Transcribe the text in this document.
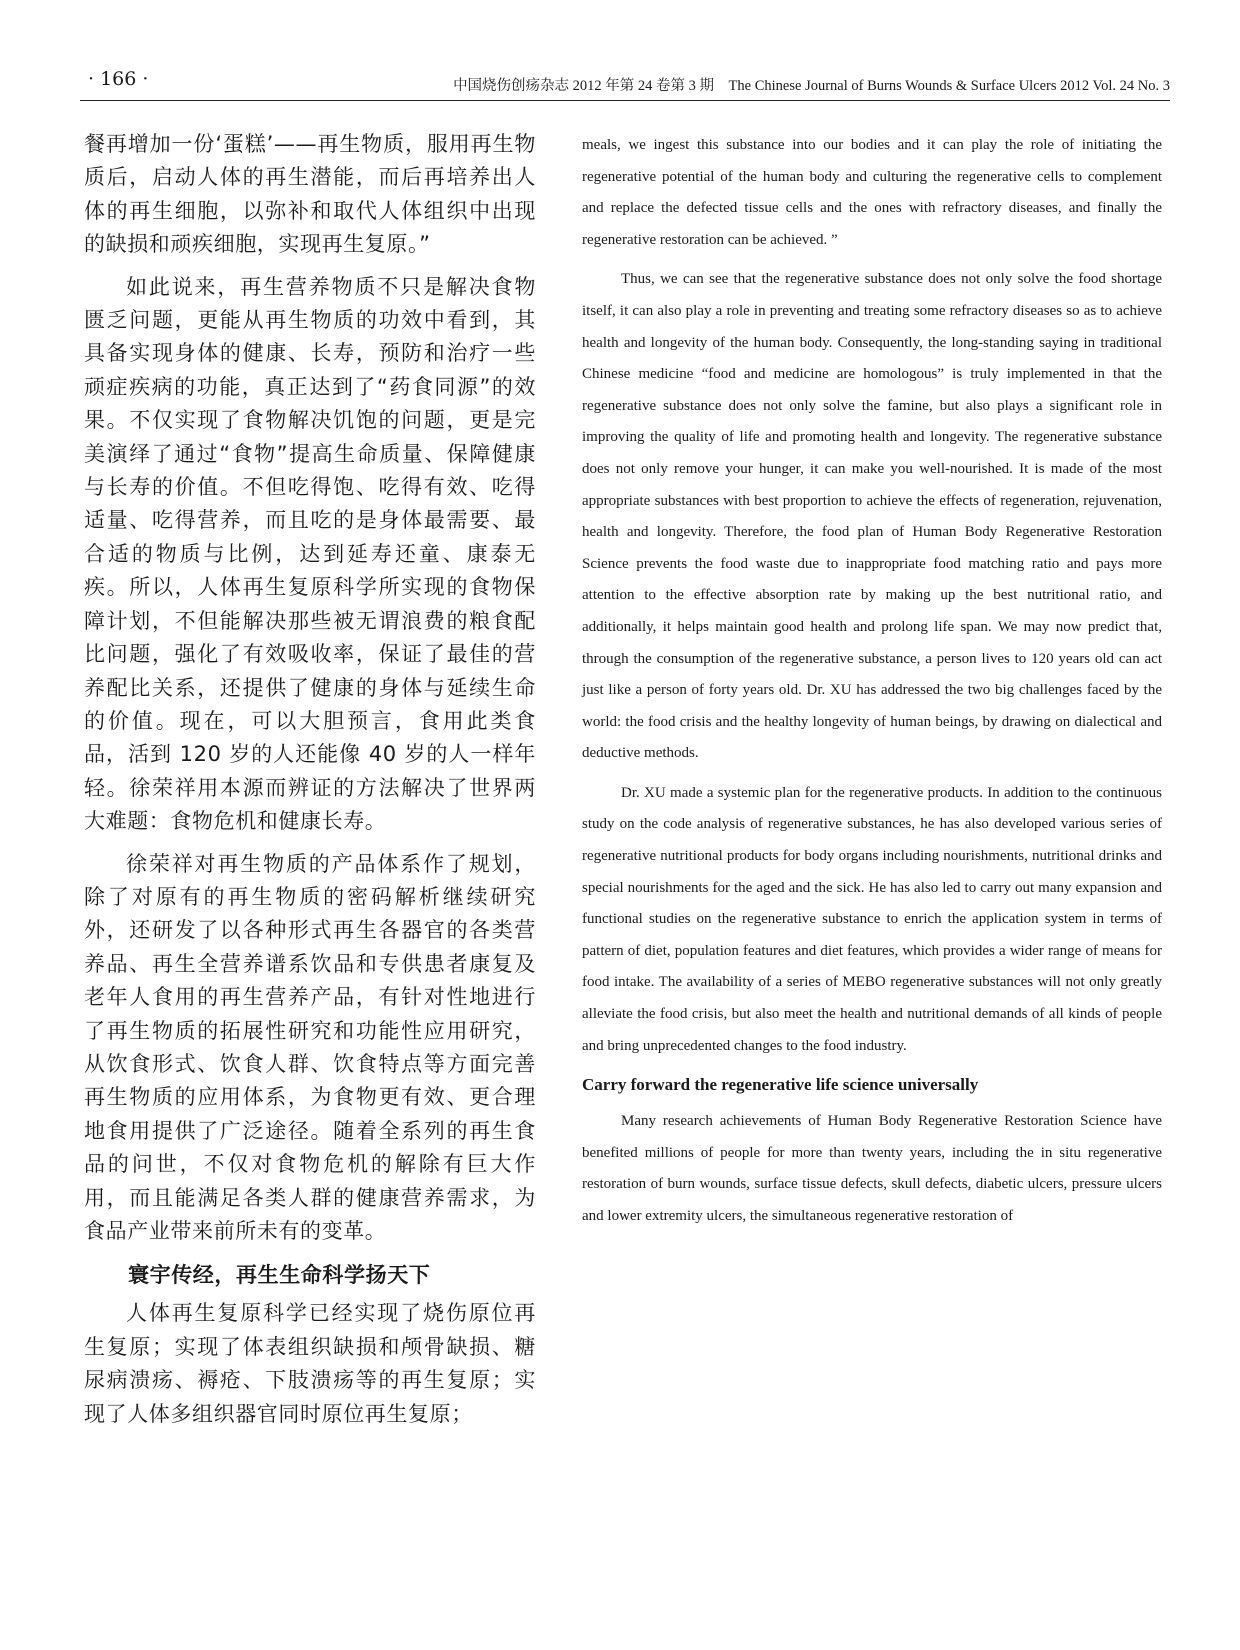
· 166 ·	中国烧伤创疡杂志 2012 年第 24 卷第 3 期　The Chinese Journal of Burns Wounds & Surface Ulcers 2012 Vol. 24 No. 3

餐再增加一份‘蛋糕’——再生物质，服用再生物质后，启动人体的再生潜能，而后再培养出人体的再生细胞，以弥补和取代人体组织中出现的缺损和顽疾细胞，实现再生复原。”

如此说来，再生营养物质不只是解决食物匮乏问题，更能从再生物质的功效中看到，其具备实现身体的健康、长寿，预防和治疗一些顽症疾病的功能，真正达到了“药食同源”的效果。不仅实现了食物解决饥饱的问题，更是完美演绎了通过“食物”提高生命质量、保障健康与长寿的价值。不但吃得饱、吃得有效、吃得适量、吃得营养，而且吃的是身体最需要、最合适的物质与比例，达到延寿还童、康泰无疾。所以，人体再生复原科学所实现的食物保障计划，不但能解决那些被无谓浪费的粮食配比问题，强化了有效吸收率，保证了最佳的营养配比关系，还提供了健康的身体与延续生命的价值。现在，可以大胆预言，食用此类食品，活到 120 岁的人还能像 40 岁的人一样年轻。徐荣祥用本源而辨证的方法解决了世界两大难题：食物危机和健康长寿。

徐荣祥对再生物质的产品体系作了规划，除了对原有的再生物质的密码解析继续研究外，还研发了以各种形式再生各器官的各类营养品、再生全营养谱系饮品和专供患者康复及老年人食用的再生营养产品，有针对性地进行了再生物质的拓展性研究和功能性应用研究，从饮食形式、饮食人群、饮食特点等方面完善再生物质的应用体系，为食物更有效、更合理地食用提供了广泛途径。随着全系列的再生食品的问世，不仅对食物危机的解除有巨大作用，而且能满足各类人群的健康营养需求，为食品产业带来前所未有的变革。

寰宇传经，再生生命科学扬天下

人体再生复原科学已经实现了烧伤原位再生复原；实现了体表组织缺损和颅骨缺损、糖尿病溃疡、褥疮、下肢溃疡等的再生复原；实现了人体多组织器官同时原位再生复原；

meals, we ingest this substance into our bodies and it can play the role of initiating the regenerative potential of the human body and culturing the regenerative cells to complement and replace the defected tissue cells and the ones with refractory diseases, and finally the regenerative restoration can be achieved. ”

Thus, we can see that the regenerative substance does not only solve the food shortage itself, it can also play a role in preventing and treating some refractory diseases so as to achieve health and longevity of the human body. Consequently, the long-standing saying in traditional Chinese medicine “food and medicine are homologous” is truly implemented in that the regenerative substance does not only solve the famine, but also plays a significant role in improving the quality of life and promoting health and longevity. The regenerative substance does not only remove your hunger, it can make you well-nourished. It is made of the most appropriate substances with best proportion to achieve the effects of regeneration, rejuvenation, health and longevity. Therefore, the food plan of Human Body Regenerative Restoration Science prevents the food waste due to inappropriate food matching ratio and pays more attention to the effective absorption rate by making up the best nutritional ratio, and additionally, it helps maintain good health and prolong life span. We may now predict that, through the consumption of the regenerative substance, a person lives to 120 years old can act just like a person of forty years old. Dr. XU has addressed the two big challenges faced by the world: the food crisis and the healthy longevity of human beings, by drawing on dialectical and deductive methods.

Dr. XU made a systemic plan for the regenerative products. In addition to the continuous study on the code analysis of regenerative substances, he has also developed various series of regenerative nutritional products for body organs including nourishments, nutritional drinks and special nourishments for the aged and the sick. He has also led to carry out many expansion and functional studies on the regenerative substance to enrich the application system in terms of pattern of diet, population features and diet features, which provides a wider range of means for food intake. The availability of a series of MEBO regenerative substances will not only greatly alleviate the food crisis, but also meet the health and nutritional demands of all kinds of people and bring unprecedented changes to the food industry.

Carry forward the regenerative life science universally

Many research achievements of Human Body Regenerative Restoration Science have benefited millions of people for more than twenty years, including the in situ regenerative restoration of burn wounds, surface tissue defects, skull defects, diabetic ulcers, pressure ulcers and lower extremity ulcers, the simultaneous regenerative restoration of
